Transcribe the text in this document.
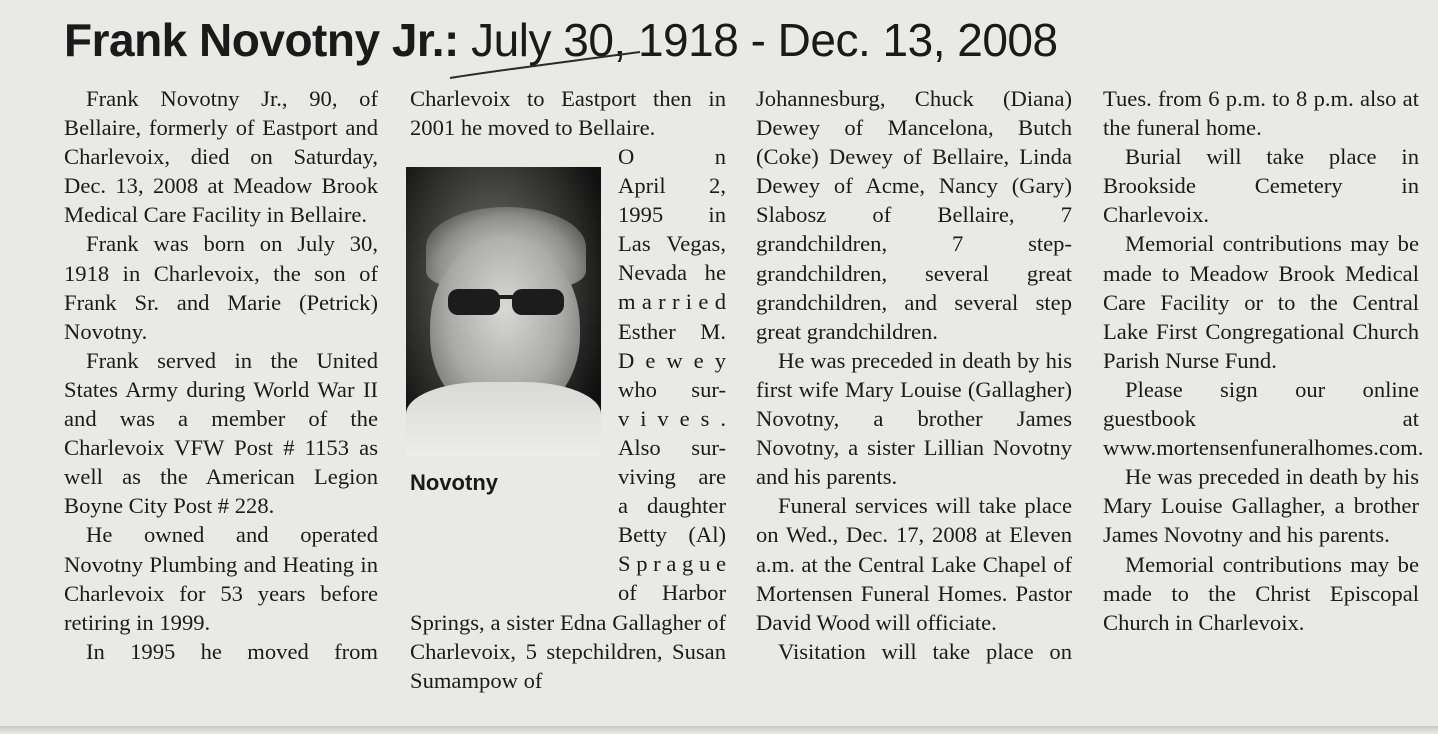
Frank Novotny Jr.: July 30, 1918 - Dec. 13, 2008

Frank Novotny Jr., 90, of Bellaire, formerly of Eastport and Charlevoix, died on Saturday, Dec. 13, 2008 at Meadow Brook Medical Care Facility in Bellaire.

Frank was born on July 30, 1918 in Charlevoix, the son of Frank Sr. and Marie (Petrick) Novotny.

Frank served in the United States Army during World War II and was a member of the Charlevoix VFW Post # 1153 as well as the American Legion Boyne City Post # 228.

He owned and operated Novotny Plumbing and Heating in Charlevoix for 53 years before retiring in 1999.

In 1995 he moved from

Charlevoix to Eastport then in 2001 he moved to Bellaire.

Novotny

O n

April 2,

1995 in

Las Vegas,

Nevada he

m a r r i e d

Esther M.

D e w e y

who sur-

v i v e s .

Also sur-

viving are

a daughter

Betty (Al)

S p r a g u e

of Harbor

Springs, a sister Edna Gallagher of Charlevoix, 5 stepchildren, Susan Sumampow of

Johannesburg, Chuck (Diana) Dewey of Mancelona, Butch (Coke) Dewey of Bellaire, Linda Dewey of Acme, Nancy (Gary) Slabosz of Bellaire, 7 grandchildren, 7 step-grandchildren, several great grandchildren, and several step great grandchildren.

He was preceded in death by his first wife Mary Louise (Gallagher) Novotny, a brother James Novotny, a sister Lillian Novotny and his parents.

Funeral services will take place on Wed., Dec. 17, 2008 at Eleven a.m. at the Central Lake Chapel of Mortensen Funeral Homes. Pastor David Wood will officiate.

Visitation will take place on

Tues. from 6 p.m. to 8 p.m. also at the funeral home.

Burial will take place in Brookside Cemetery in Charlevoix.

Memorial contributions may be made to Meadow Brook Medical Care Facility or to the Central Lake First Congregational Church Parish Nurse Fund.

Please sign our online guestbook at www.mortensenfuneralhomes.com.

He was preceded in death by his Mary Louise Gallagher, a brother James Novotny and his parents.

Memorial contributions may be made to the Christ Episcopal Church in Charlevoix.
